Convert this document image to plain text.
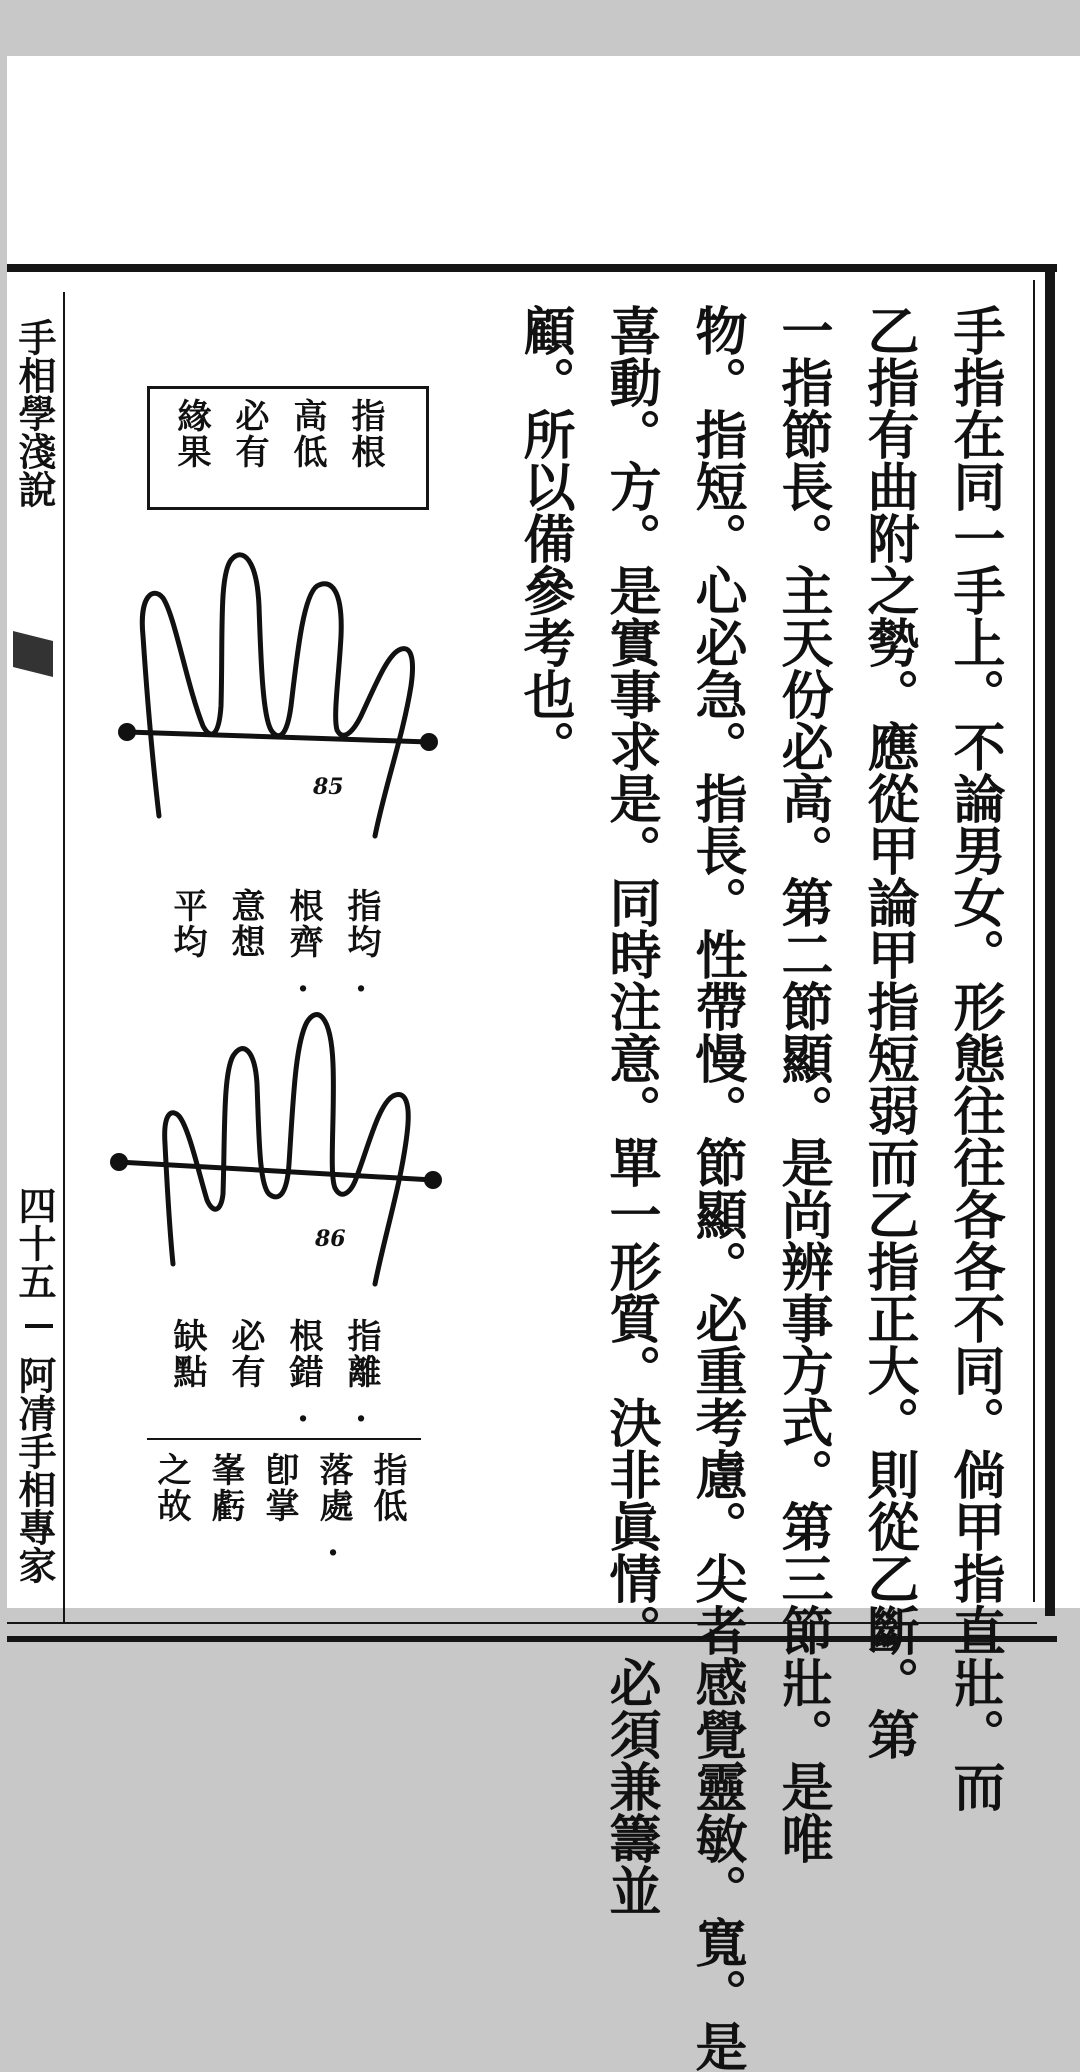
手相學淺說
四十五
阿凊手相專家	手指在同一手上。不論男女。形態往往各各不同。倘甲指直壯。而
乙指有曲附之勢。應從甲論甲指短弱而乙指正大。則從乙斷。第
一指節長。主天份必高。第二節顯。是尚辨事方式。第三節壯。是唯
物。指短。心必急。指長。性帶慢。節顯。必重考慮。尖者感覺靈敏。寬。是
喜動。方。是實事求是。同時注意。單一形質。決非眞情。必須兼籌並
顧。所以備參考也。
指根
高低
必有
緣果
85
指均.
根齊.
意想
平均
86
指離.
根錯.
必有
缺點
指低
落處.
卽掌
峯虧
之故
